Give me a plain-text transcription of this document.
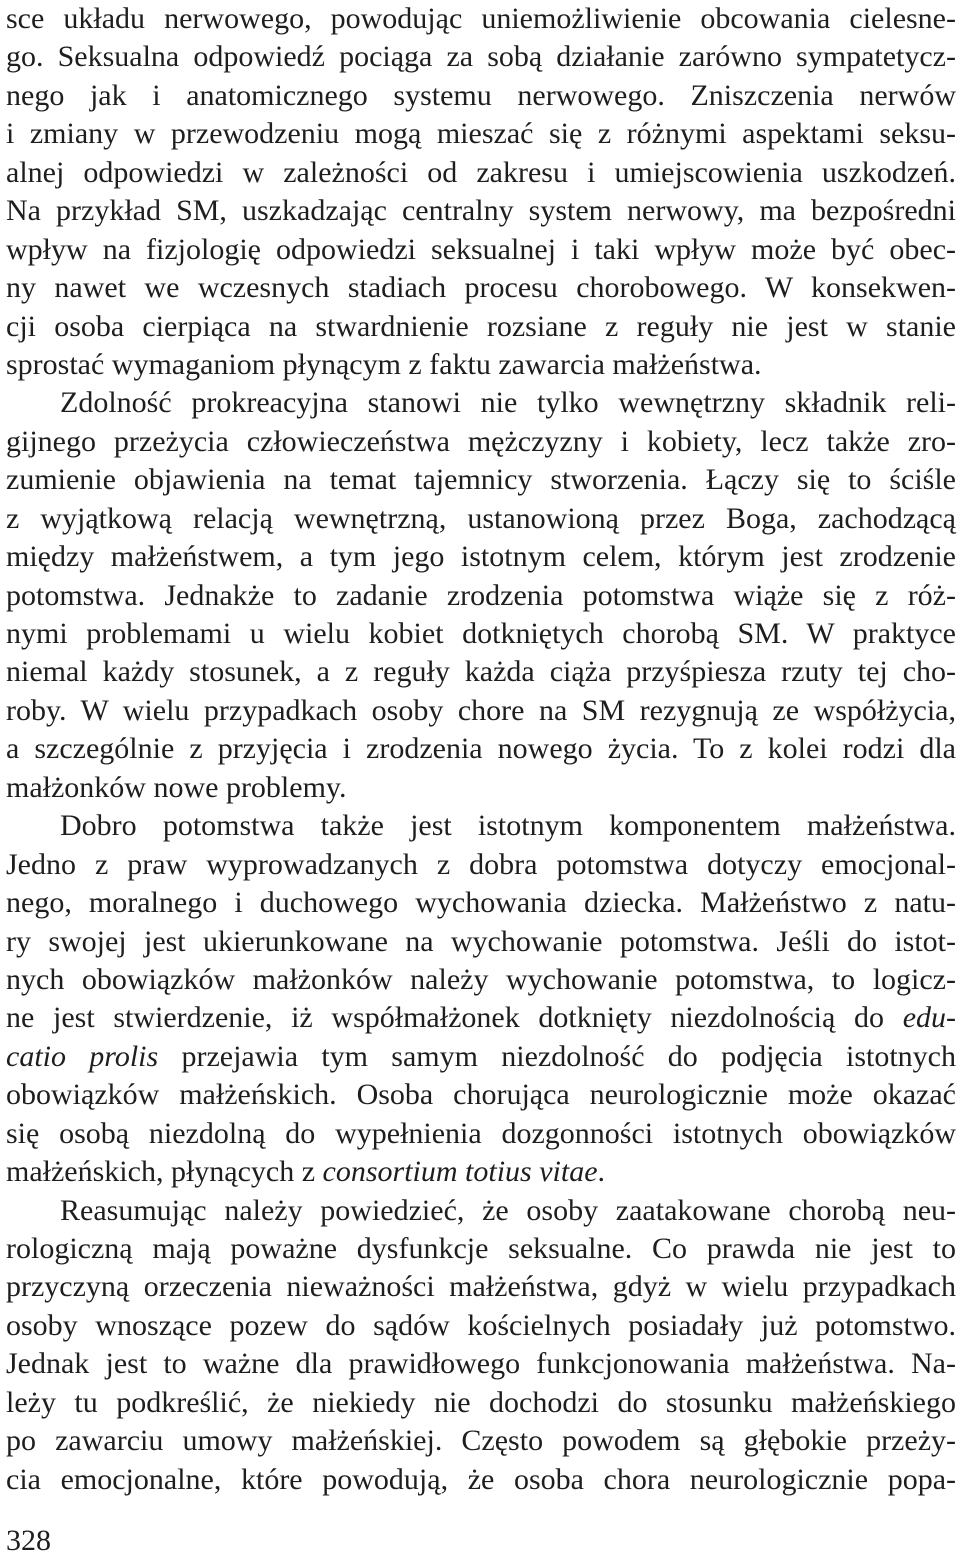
sce układu nerwowego, powodując uniemożliwienie obcowania cielesne-
go. Seksualna odpowiedź pociąga za sobą działanie zarówno sympatetycz-
nego jak i anatomicznego systemu nerwowego. Zniszczenia nerwów
i zmiany w przewodzeniu mogą mieszać się z różnymi aspektami seksu-
alnej odpowiedzi w zależności od zakresu i umiejscowienia uszkodzeń.
Na przykład SM, uszkadzając centralny system nerwowy, ma bezpośredni
wpływ na fizjologię odpowiedzi seksualnej i taki wpływ może być obec-
ny nawet we wczesnych stadiach procesu chorobowego. W konsekwen-
cji osoba cierpiąca na stwardnienie rozsiane z reguły nie jest w stanie
sprostać wymaganiom płynącym z faktu zawarcia małżeństwa.
Zdolność prokreacyjna stanowi nie tylko wewnętrzny składnik reli-
gijnego przeżycia człowieczeństwa mężczyzny i kobiety, lecz także zro-
zumienie objawienia na temat tajemnicy stworzenia. Łączy się to ściśle
z wyjątkową relacją wewnętrzną, ustanowioną przez Boga, zachodzącą
między małżeństwem, a tym jego istotnym celem, którym jest zrodzenie
potomstwa. Jednakże to zadanie zrodzenia potomstwa wiąże się z róż-
nymi problemami u wielu kobiet dotkniętych chorobą SM. W praktyce
niemal każdy stosunek, a z reguły każda ciąża przyśpiesza rzuty tej cho-
roby. W wielu przypadkach osoby chore na SM rezygnują ze współżycia,
a szczególnie z przyjęcia i zrodzenia nowego życia. To z kolei rodzi dla
małżonków nowe problemy.
Dobro potomstwa także jest istotnym komponentem małżeństwa.
Jedno z praw wyprowadzanych z dobra potomstwa dotyczy emocjonal-
nego, moralnego i duchowego wychowania dziecka. Małżeństwo z natu-
ry swojej jest ukierunkowane na wychowanie potomstwa. Jeśli do istot-
nych obowiązków małżonków należy wychowanie potomstwa, to logicz-
ne jest stwierdzenie, iż współmałżonek dotknięty niezdolnością do edu-
catio prolis przejawia tym samym niezdolność do podjęcia istotnych
obowiązków małżeńskich. Osoba chorująca neurologicznie może okazać
się osobą niezdolną do wypełnienia dozgonności istotnych obowiązków
małżeńskich, płynących z consortium totius vitae.
Reasumując należy powiedzieć, że osoby zaatakowane chorobą neu-
rologiczną mają poważne dysfunkcje seksualne. Co prawda nie jest to
przyczyną orzeczenia nieważności małżeństwa, gdyż w wielu przypadkach
osoby wnoszące pozew do sądów kościelnych posiadały już potomstwo.
Jednak jest to ważne dla prawidłowego funkcjonowania małżeństwa. Na-
leży tu podkreślić, że niekiedy nie dochodzi do stosunku małżeńskiego
po zawarciu umowy małżeńskiej. Często powodem są głębokie przeży-
cia emocjonalne, które powodują, że osoba chora neurologicznie popa-
328
